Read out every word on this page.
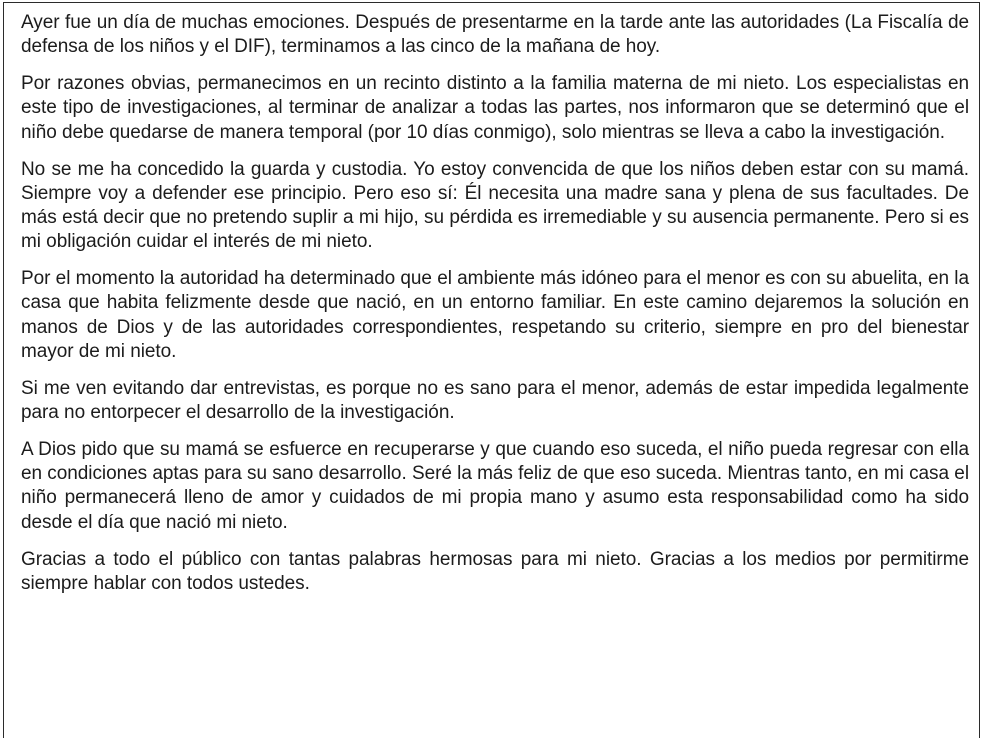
Ayer fue un día de muchas emociones. Después de presentarme en la tarde ante las autoridades (La Fiscalía de defensa de los niños y el DIF), terminamos a las cinco de la mañana de hoy.

Por razones obvias, permanecimos en un recinto distinto a la familia materna de mi nieto. Los especialistas en este tipo de investigaciones, al terminar de analizar a todas las partes, nos informaron que se determinó que el niño debe quedarse de manera temporal (por 10 días conmigo), solo mientras se lleva a cabo la investigación.

No se me ha concedido la guarda y custodia. Yo estoy convencida de que los niños deben estar con su mamá. Siempre voy a defender ese principio. Pero eso sí: Él necesita una madre sana y plena de sus facultades. De más está decir que no pretendo suplir a mi hijo, su pérdida es irremediable y su ausencia permanente. Pero si es mi obligación cuidar el interés de mi nieto.

Por el momento la autoridad ha determinado que el ambiente más idóneo para el menor es con su abuelita, en la casa que habita felizmente desde que nació, en un entorno familiar. En este camino dejaremos la solución en manos de Dios y de las autoridades correspondientes, respetando su criterio, siempre en pro del bienestar mayor de mi nieto.

Si me ven evitando dar entrevistas, es porque no es sano para el menor, además de estar impedida legalmente para no entorpecer el desarrollo de la investigación.

A Dios pido que su mamá se esfuerce en recuperarse y que cuando eso suceda, el niño pueda regresar con ella en condiciones aptas para su sano desarrollo. Seré la más feliz de que eso suceda. Mientras tanto, en mi casa el niño permanecerá lleno de amor y cuidados de mi propia mano y asumo esta responsabilidad como ha sido desde el día que nació mi nieto.

Gracias a todo el público con tantas palabras hermosas para mi nieto. Gracias a los medios por permitirme siempre hablar con todos ustedes.
